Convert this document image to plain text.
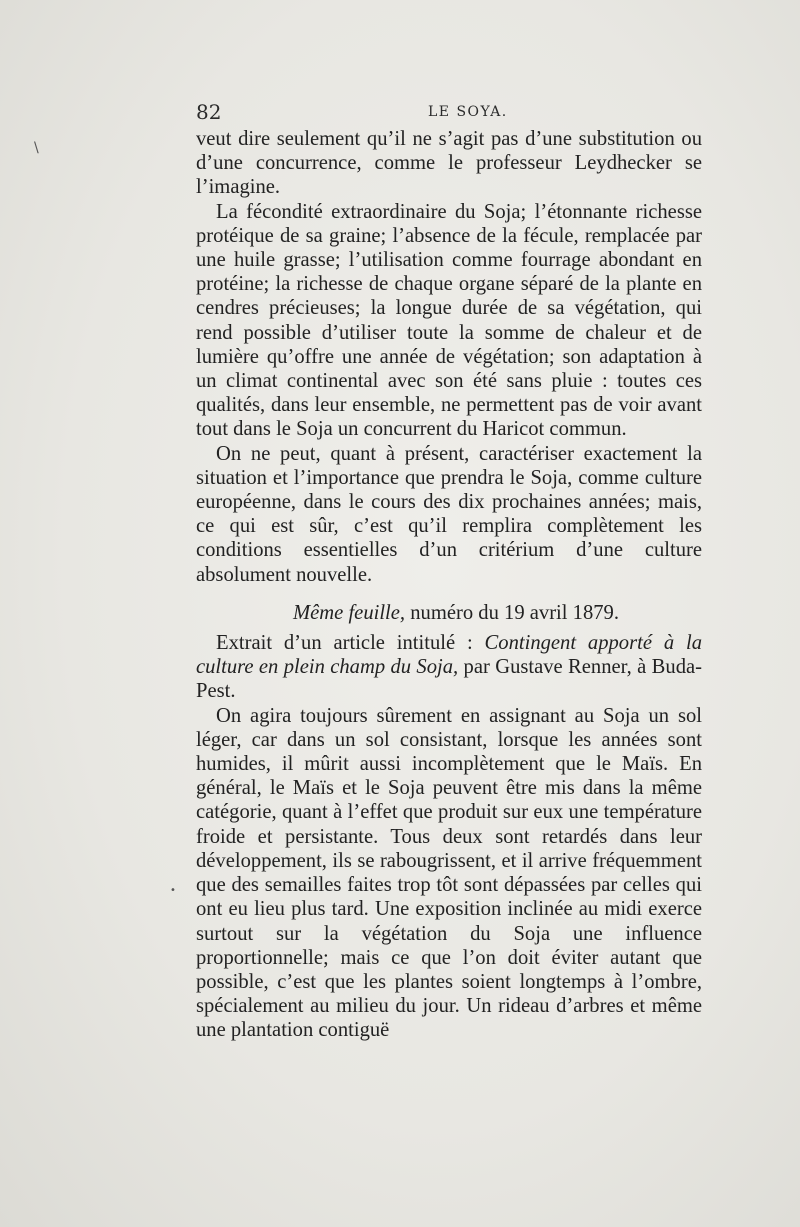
\
•
82	LE SOYA.

veut dire seulement qu’il ne s’agit pas d’une substitution ou d’une concurrence, comme le professeur Leydhecker se l’imagine.

La fécondité extraordinaire du Soja; l’étonnante richesse protéique de sa graine; l’absence de la fécule, remplacée par une huile grasse; l’utilisation comme fourrage abondant en protéine; la richesse de chaque organe séparé de la plante en cendres précieuses; la longue durée de sa végétation, qui rend possible d’utiliser toute la somme de chaleur et de lumière qu’offre une année de végétation; son adaptation à un climat continental avec son été sans pluie : toutes ces qualités, dans leur ensemble, ne permettent pas de voir avant tout dans le Soja un concurrent du Haricot commun.

On ne peut, quant à présent, caractériser exactement la situation et l’importance que prendra le Soja, comme culture européenne, dans le cours des dix prochaines années; mais, ce qui est sûr, c’est qu’il remplira complètement les conditions essentielles d’un critérium d’une culture absolument nouvelle.

Même feuille, numéro du 19 avril 1879.

Extrait d’un article intitulé : Contingent apporté à la culture en plein champ du Soja, par Gustave Renner, à Buda-Pest.

On agira toujours sûrement en assignant au Soja un sol léger, car dans un sol consistant, lorsque les années sont humides, il mûrit aussi incomplètement que le Maïs. En général, le Maïs et le Soja peuvent être mis dans la même catégorie, quant à l’effet que produit sur eux une température froide et persistante. Tous deux sont retardés dans leur développement, ils se rabougrissent, et il arrive fréquemment que des semailles faites trop tôt sont dépassées par celles qui ont eu lieu plus tard. Une exposition inclinée au midi exerce surtout sur la végétation du Soja une influence proportionnelle; mais ce que l’on doit éviter autant que possible, c’est que les plantes soient longtemps à l’ombre, spécialement au milieu du jour. Un rideau d’arbres et même une plantation contiguë
